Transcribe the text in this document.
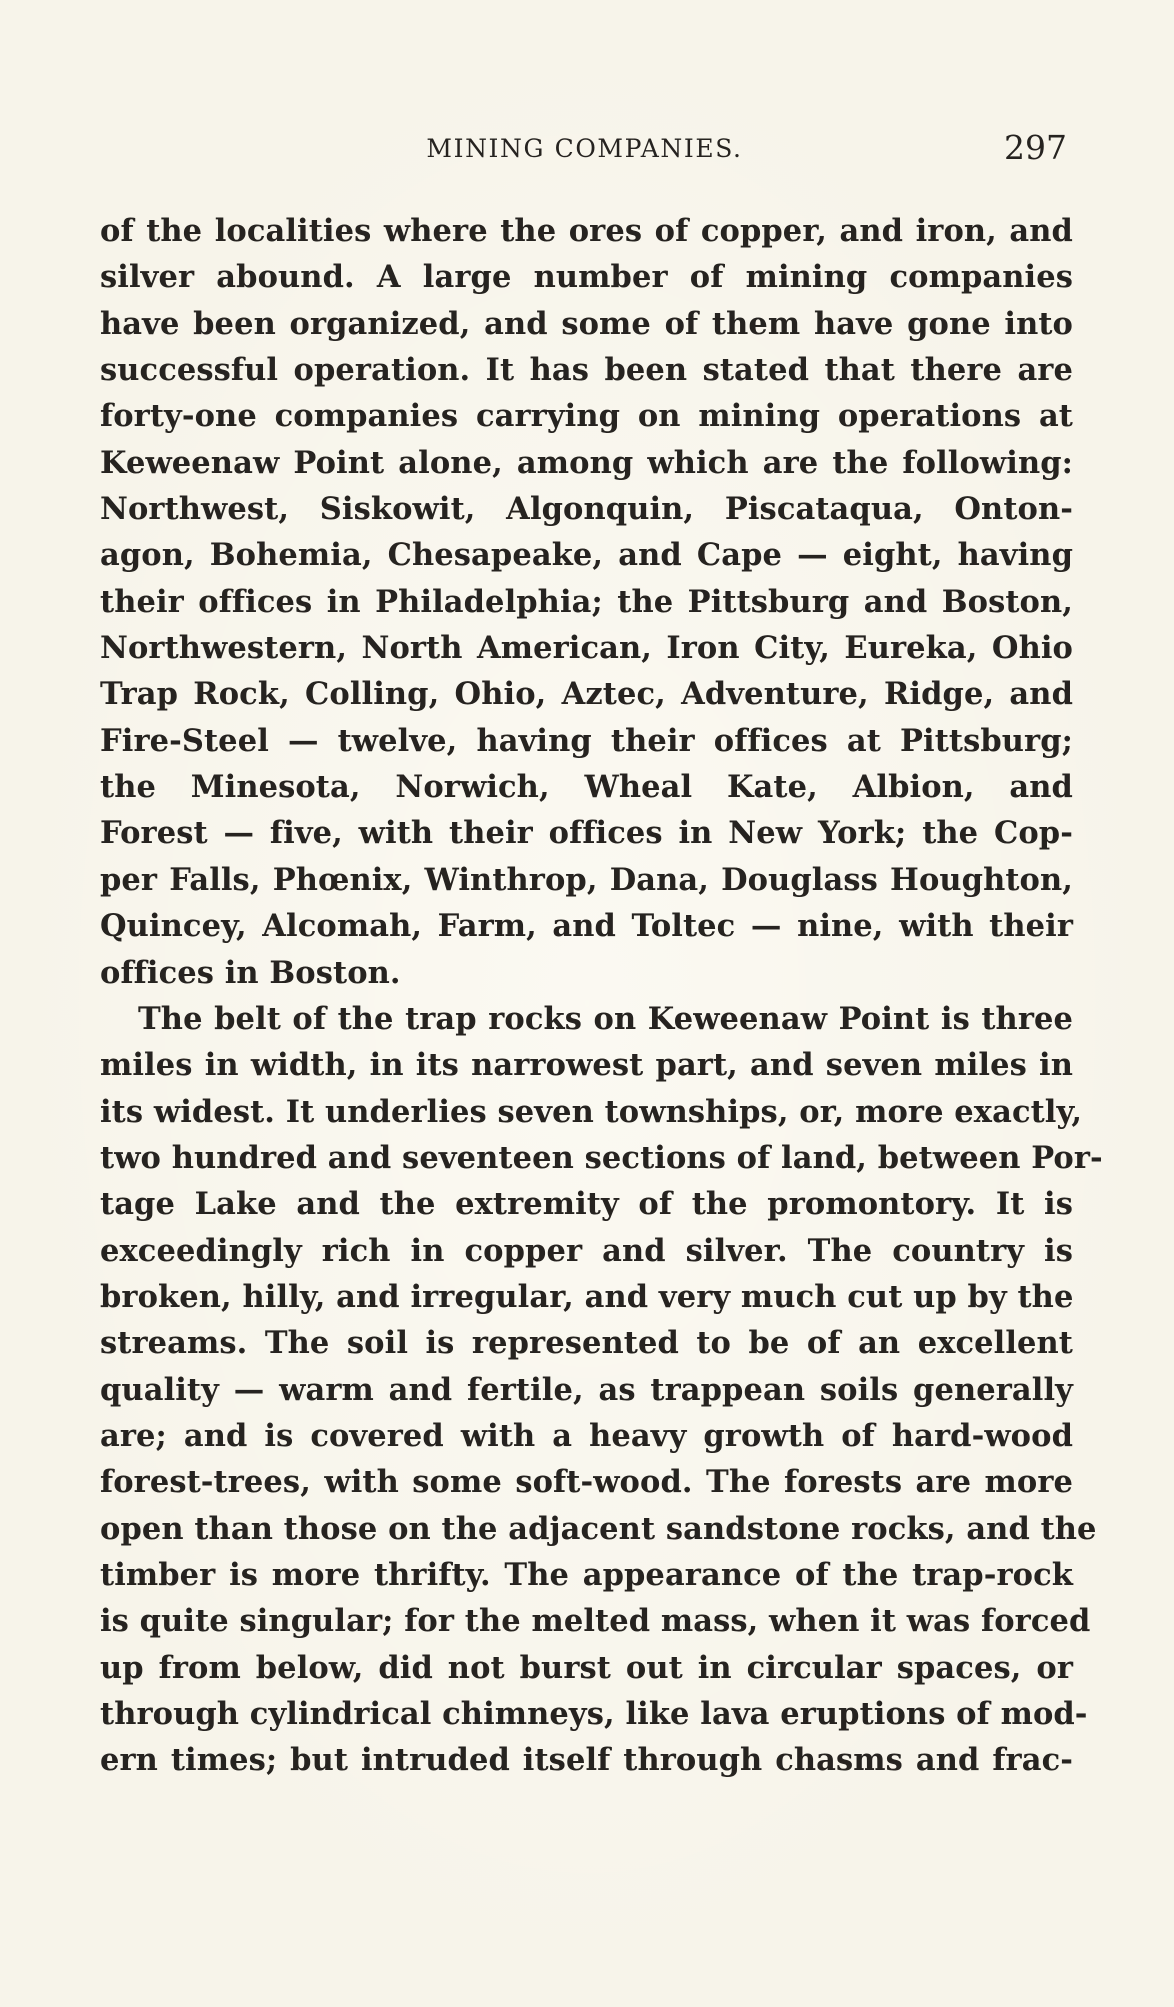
MINING COMPANIES.	297
of the localities where the ores of copper, and iron, and
silver abound. A large number of mining companies
have been organized, and some of them have gone into
successful operation. It has been stated that there are
forty-one companies carrying on mining operations at
Keweenaw Point alone, among which are the following:
Northwest, Siskowit, Algonquin, Piscataqua, Onton-
agon, Bohemia, Chesapeake, and Cape — eight, having
their offices in Philadelphia; the Pittsburg and Boston,
Northwestern, North American, Iron City, Eureka, Ohio
Trap Rock, Colling, Ohio, Aztec, Adventure, Ridge, and
Fire-Steel — twelve, having their offices at Pittsburg;
the Minesota, Norwich, Wheal Kate, Albion, and
Forest — five, with their offices in New York; the Cop-
per Falls, Phœnix, Winthrop, Dana, Douglass Houghton,
Quincey, Alcomah, Farm, and Toltec — nine, with their
offices in Boston.
The belt of the trap rocks on Keweenaw Point is three
miles in width, in its narrowest part, and seven miles in
its widest. It underlies seven townships, or, more exactly,
two hundred and seventeen sections of land, between Por-
tage Lake and the extremity of the promontory. It is
exceedingly rich in copper and silver. The country is
broken, hilly, and irregular, and very much cut up by the
streams. The soil is represented to be of an excellent
quality — warm and fertile, as trappean soils generally
are; and is covered with a heavy growth of hard-wood
forest-trees, with some soft-wood. The forests are more
open than those on the adjacent sandstone rocks, and the
timber is more thrifty. The appearance of the trap-rock
is quite singular; for the melted mass, when it was forced
up from below, did not burst out in circular spaces, or
through cylindrical chimneys, like lava eruptions of mod-
ern times; but intruded itself through chasms and frac-
